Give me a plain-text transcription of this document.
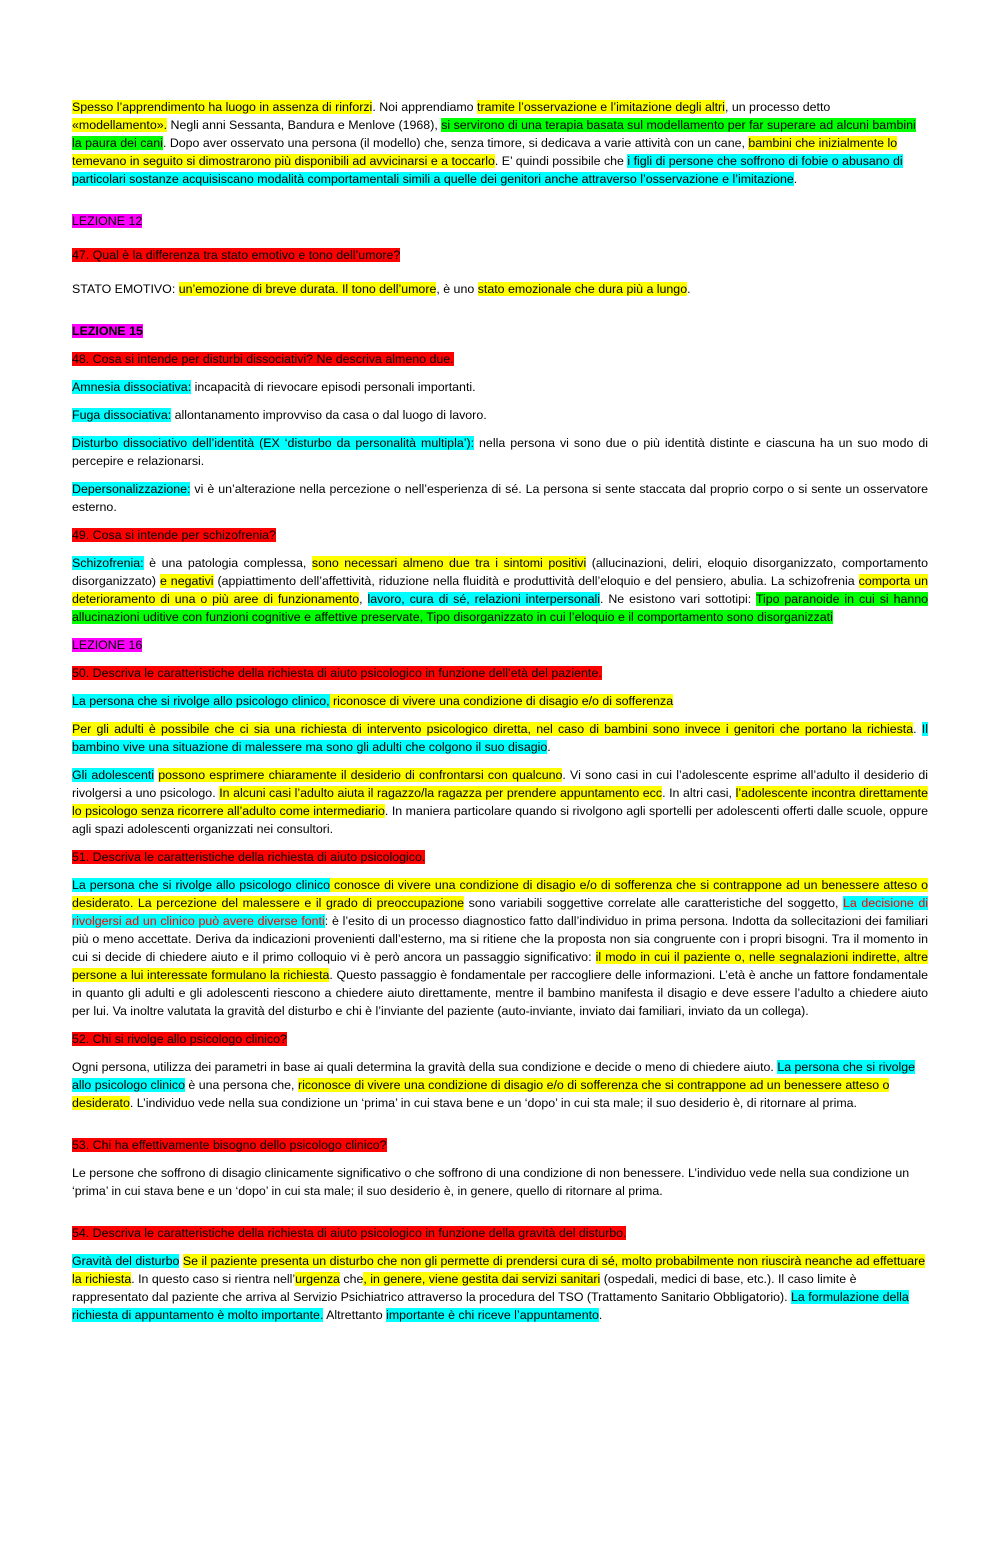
Spesso l’apprendimento ha luogo in assenza di rinforzi. Noi apprendiamo tramite l’osservazione e l’imitazione degli altri, un processo detto «modellamento». Negli anni Sessanta, Bandura e Menlove (1968), si servirono di una terapia basata sul modellamento per far superare ad alcuni bambini la paura dei cani. Dopo aver osservato una persona (il modello) che, senza timore, si dedicava a varie attività con un cane, bambini che inizialmente lo temevano in seguito si dimostrarono più disponibili ad avvicinarsi e a toccarlo. E’ quindi possibile che i figli di persone che soffrono di fobie o abusano di particolari sostanze acquisiscano modalità comportamentali simili a quelle dei genitori anche attraverso l’osservazione e l’imitazione.
LEZIONE 12
47. Qual è la differenza tra stato emotivo e tono dell’umore?
STATO EMOTIVO: un’emozione di breve durata. Il tono dell’umore, è uno stato emozionale che dura più a lungo.
LEZIONE 15
48. Cosa si intende per disturbi dissociativi? Ne descriva almeno due.
Amnesia dissociativa: incapacità di rievocare episodi personali importanti.
Fuga dissociativa: allontanamento improvviso da casa o dal luogo di lavoro.
Disturbo dissociativo dell’identità (EX ‘disturbo da personalità multipla’): nella persona vi sono due o più identità distinte e ciascuna ha un suo modo di percepire e relazionarsi.
Depersonalizzazione: vi è un’alterazione nella percezione o nell’esperienza di sé. La persona si sente staccata dal proprio corpo o si sente un osservatore esterno.
49. Cosa si intende per schizofrenia?
Schizofrenia: è una patologia complessa, sono necessari almeno due tra i sintomi positivi (allucinazioni, deliri, eloquio disorganizzato, comportamento disorganizzato) e negativi (appiattimento dell’affettività, riduzione nella fluidità e produttività dell’eloquio e del pensiero, abulia. La schizofrenia comporta un deterioramento di una o più aree di funzionamento, lavoro, cura di sé, relazioni interpersonali. Ne esistono vari sottotipi: Tipo paranoide in cui si hanno allucinazioni uditive con funzioni cognitive e affettive preservate, Tipo disorganizzato in cui l’eloquio e il comportamento sono disorganizzati
LEZIONE 16
50. Descriva le caratteristiche della richiesta di aiuto psicologico in funzione dell’età del paziente.
La persona che si rivolge allo psicologo clinico, riconosce di vivere una condizione di disagio e/o di sofferenza
Per gli adulti è possibile che ci sia una richiesta di intervento psicologico diretta, nel caso di bambini sono invece i genitori che portano la richiesta. Il bambino vive una situazione di malessere ma sono gli adulti che colgono il suo disagio.
Gli adolescenti possono esprimere chiaramente il desiderio di confrontarsi con qualcuno. Vi sono casi in cui l’adolescente esprime all’adulto il desiderio di rivolgersi a uno psicologo. In alcuni casi l’adulto aiuta il ragazzo/la ragazza per prendere appuntamento ecc. In altri casi, l’adolescente incontra direttamente lo psicologo senza ricorrere all’adulto come intermediario. In maniera particolare quando si rivolgono agli sportelli per adolescenti offerti dalle scuole, oppure agli spazi adolescenti organizzati nei consultori.
51. Descriva le caratteristiche della richiesta di aiuto psicologico.
La persona che si rivolge allo psicologo clinico conosce di vivere una condizione di disagio e/o di sofferenza che si contrappone ad un benessere atteso o desiderato. La percezione del malessere e il grado di preoccupazione sono variabili soggettive correlate alle caratteristiche del soggetto, La decisione di rivolgersi ad un clinico può avere diverse fonti: è l’esito di un processo diagnostico fatto dall’individuo in prima persona. Indotta da sollecitazioni dei familiari più o meno accettate. Deriva da indicazioni provenienti dall’esterno, ma si ritiene che la proposta non sia congruente con i propri bisogni. Tra il momento in cui si decide di chiedere aiuto e il primo colloquio vi è però ancora un passaggio significativo: il modo in cui il paziente o, nelle segnalazioni indirette, altre persone a lui interessate formulano la richiesta. Questo passaggio è fondamentale per raccogliere delle informazioni. L’età è anche un fattore fondamentale in quanto gli adulti e gli adolescenti riescono a chiedere aiuto direttamente, mentre il bambino manifesta il disagio e deve essere l’adulto a chiedere aiuto per lui. Va inoltre valutata la gravità del disturbo e chi è l’inviante del paziente (auto-inviante, inviato dai familiari, inviato da un collega).
52. Chi si rivolge allo psicologo clinico?
Ogni persona, utilizza dei parametri in base ai quali determina la gravità della sua condizione e decide o meno di chiedere aiuto. La persona che si rivolge allo psicologo clinico è una persona che, riconosce di vivere una condizione di disagio e/o di sofferenza che si contrappone ad un benessere atteso o desiderato. L’individuo vede nella sua condizione un ‘prima’ in cui stava bene e un ‘dopo’ in cui sta male; il suo desiderio è, di ritornare al prima.
53. Chi ha effettivamente bisogno dello psicologo clinico?
Le persone che soffrono di disagio clinicamente significativo o che soffrono di una condizione di non benessere. L’individuo vede nella sua condizione un ‘prima’ in cui stava bene e un ‘dopo’ in cui sta male; il suo desiderio è, in genere, quello di ritornare al prima.
54. Descriva le caratteristiche della richiesta di aiuto psicologico in funzione della gravità del disturbo.
Gravità del disturbo Se il paziente presenta un disturbo che non gli permette di prendersi cura di sé, molto probabilmente non riuscirà neanche ad effettuare la richiesta. In questo caso si rientra nell’urgenza che, in genere, viene gestita dai servizi sanitari (ospedali, medici di base, etc.). Il caso limite è rappresentato dal paziente che arriva al Servizio Psichiatrico attraverso la procedura del TSO (Trattamento Sanitario Obbligatorio). La formulazione della richiesta di appuntamento è molto importante. Altrettanto importante è chi riceve l’appuntamento.
